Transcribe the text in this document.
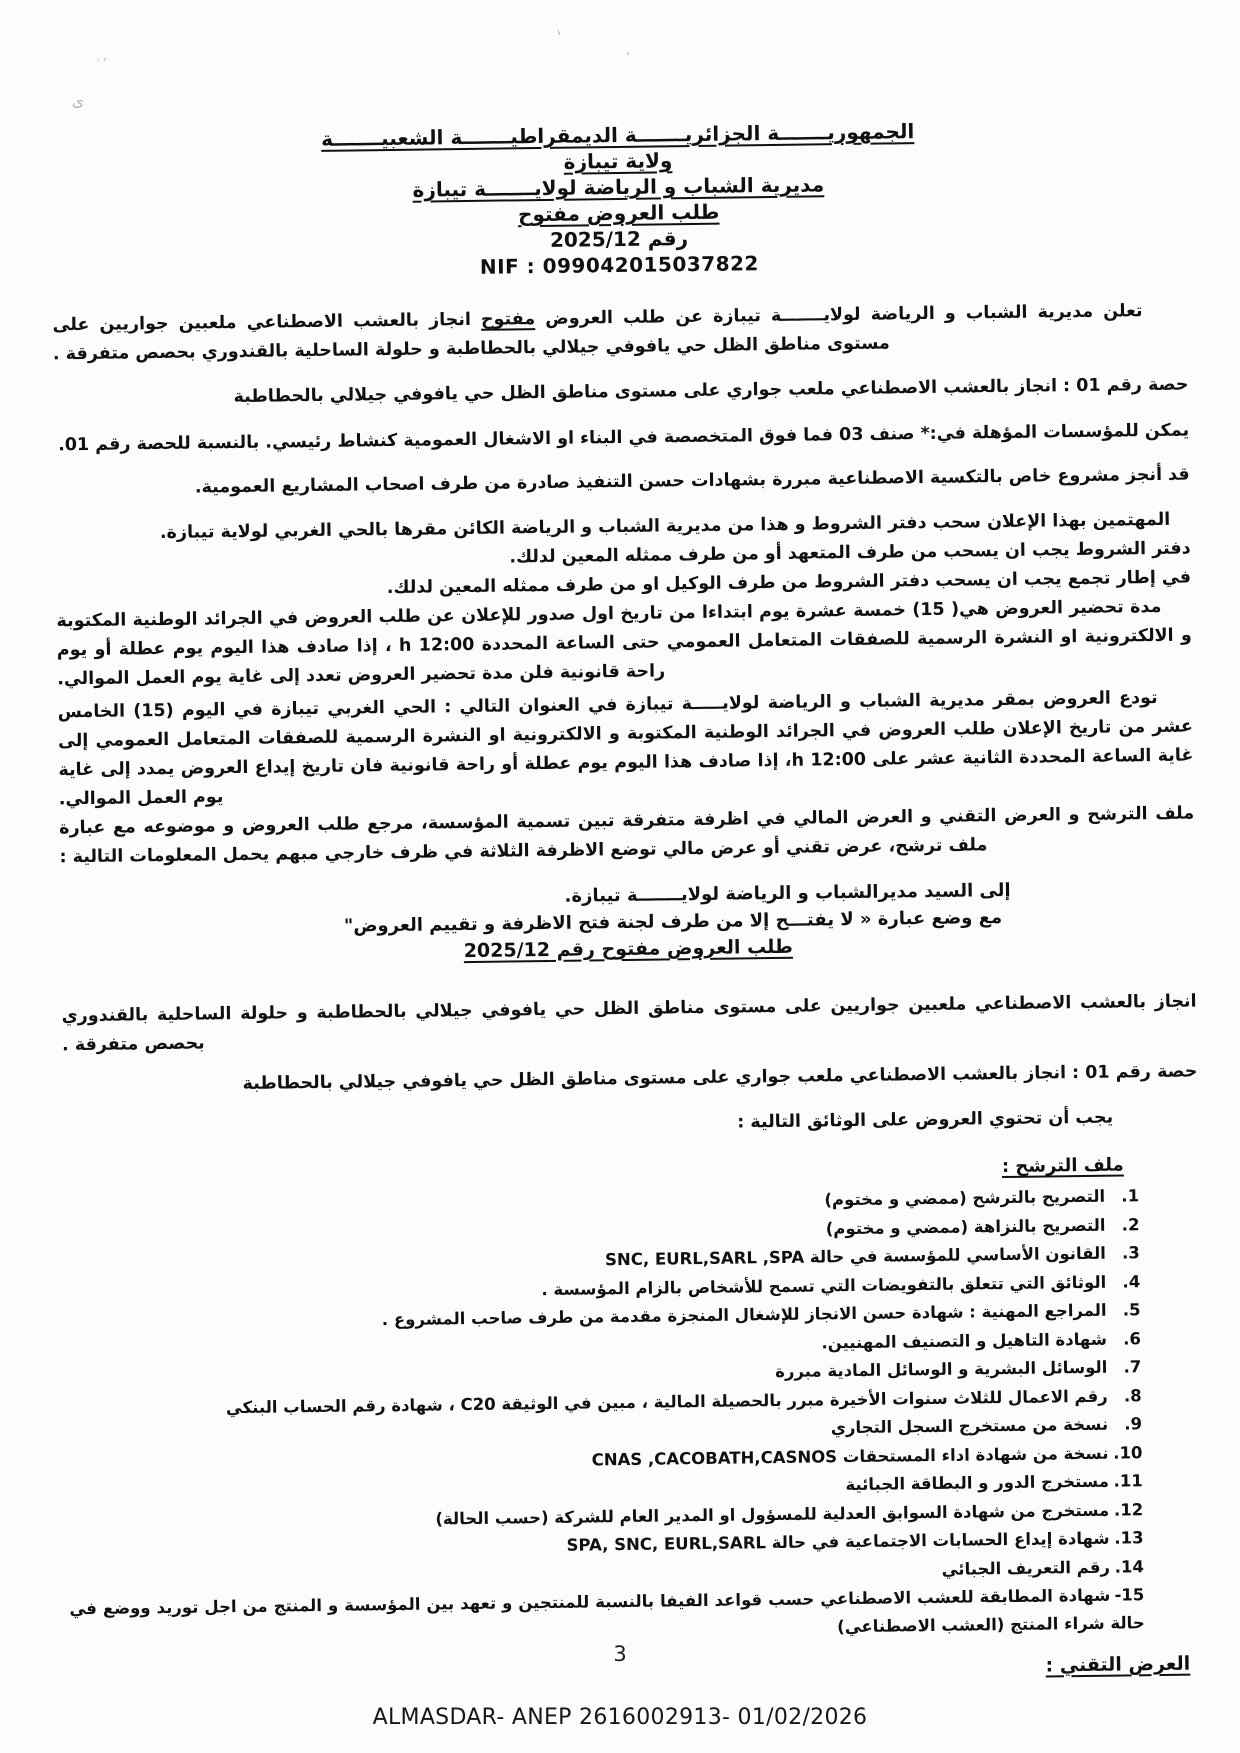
ヽ
،
˙᾿
ى
الجمهوريـــــــة الجزائريـــــــة الديمقراطيـــــــة الشعبيـــــــة
ولاية تيبازة
مديرية الشباب و الرياضة لولايـــــــة تيبازة
طلب العروض مفتوح
رقم 2025/12
NIF : 099042015037822
تعلن مديرية الشباب و الرياضة لولايـــــــة تيبازة عن طلب العروض مفتوح انجاز بالعشب الاصطناعي ملعبين جواريين على مستوى مناطق الظل حي يافوفي جيلالي بالحطاطبة و حلولة الساحلية بالقندوري بحصص متفرقة .
حصة رقم 01 : انجاز بالعشب الاصطناعي ملعب جواري على مستوى مناطق الظل حي يافوفي جيلالي بالحطاطبة
يمكن للمؤسسات المؤهلة في:* صنف 03 فما فوق المتخصصة في البناء او الاشغال العمومية كنشاط رئيسي. بالنسبة للحصة رقم 01.
قد أنجز مشروع خاص بالتكسية الاصطناعية مبررة بشهادات حسن التنفيذ صادرة من طرف اصحاب المشاريع العمومية.
المهتمين بهذا الإعلان سحب دفتر الشروط و هذا من مديرية الشباب و الرياضة الكائن مقرها بالحي الغربي لولاية تيبازة.
دفتر الشروط يجب ان يسحب من طرف المتعهد أو من طرف ممثله المعين لدلك.
في إطار تجمع يجب ان يسحب دفتر الشروط من طرف الوكيل او من طرف ممثله المعين لدلك.
مدة تحضير العروض هي( 15) خمسة عشرة يوم ابتداءا من تاريخ اول صدور للإعلان عن طلب العروض في الجرائد الوطنية المكتوبة و الالكترونية او النشرة الرسمية للصفقات المتعامل العمومي حتى الساعة المحددة 12:00 h ، إذا صادف هذا اليوم يوم عطلة أو يوم راحة قانونية فلن مدة تحضير العروض تعدد إلى غاية يوم العمل الموالي.
تودع العروض بمقر مديرية الشباب و الرياضة لولايـــــة تيبازة في العنوان التالي : الحي الغربي تيبازة في اليوم (15) الخامس عشر من تاريخ الإعلان طلب العروض في الجرائد الوطنية المكتوبة و الالكترونية او النشرة الرسمية للصفقات المتعامل العمومي إلى غاية الساعة المحددة الثانية عشر على 12:00 h، إذا صادف هذا اليوم يوم عطلة أو راحة قانونية فان تاريخ إيداع العروض يمدد إلى غاية يوم العمل الموالي.
ملف الترشح و العرض التقني و العرض المالي في اظرفة متفرقة تبين تسمية المؤسسة، مرجع طلب العروض و موضوعه مع عبارة ملف ترشح، عرض تقني أو عرض مالي توضع الاظرفة الثلاثة في ظرف خارجي مبهم يحمل المعلومات التالية :
إلى السيد مديرالشباب و الرياضة لولايـــــــة تيبازة.
مع وضع عبارة « لا يفتـــح إلا من طرف لجنة فتح الاظرفة و تقييم العروض"
طلب العروض مفتوح رقم 2025/12
انجاز بالعشب الاصطناعي ملعبين جواريين على مستوى مناطق الظل حي يافوفي جيلالي بالحطاطبة و حلولة الساحلية بالقندوري بحصص متفرقة .
حصة رقم 01 : انجاز بالعشب الاصطناعي ملعب جواري على مستوى مناطق الظل حي يافوفي جيلالي بالحطاطبة
يجب أن تحتوي العروض على الوثائق التالية :
ملف الترشح :
1.التصريح بالترشح (ممضي و مختوم)
2.التصريح بالنزاهة (ممضي و مختوم)
3.القانون الأساسي للمؤسسة في حالة SNC, EURL,SARL ,SPA
4.الوثائق التي تتعلق بالتفويضات التي تسمح للأشخاص بالزام المؤسسة .
5.المراجع المهنية : شهادة حسن الانجاز للإشغال المنجزة مقدمة من طرف صاحب المشروع .
6.شهادة التاهيل و التصنيف المهنيين.
7.الوسائل البشرية و الوسائل المادية مبررة
8.رقم الاعمال للثلاث سنوات الأخيرة مبرر بالحصيلة المالية ، مبين في الوثيقة C20 ، شهادة رقم الحساب البنكي
9.نسخة من مستخرج السجل التجاري
10.نسخة من شهادة اداء المستحقات CNAS ,CACOBATH,CASNOS
11.مستخرج الدور و البطاقة الجبائية
12.مستخرج من شهادة السوابق العدلية للمسؤول او المدير العام للشركة (حسب الحالة)
13.شهادة إيداع الحسابات الاجتماعية في حالة SPA, SNC, EURL,SARL
14.رقم التعريف الجبائي
15-شهادة المطابقة للعشب الاصطناعي حسب قواعد الفيفا بالنسبة للمنتجين و تعهد بين المؤسسة و المنتج من اجل توريد ووضع في حالة شراء المنتج (العشب الاصطناعي)
العرض التقني :
3
ALMASDAR- ANEP 2616002913- 01/02/2026
